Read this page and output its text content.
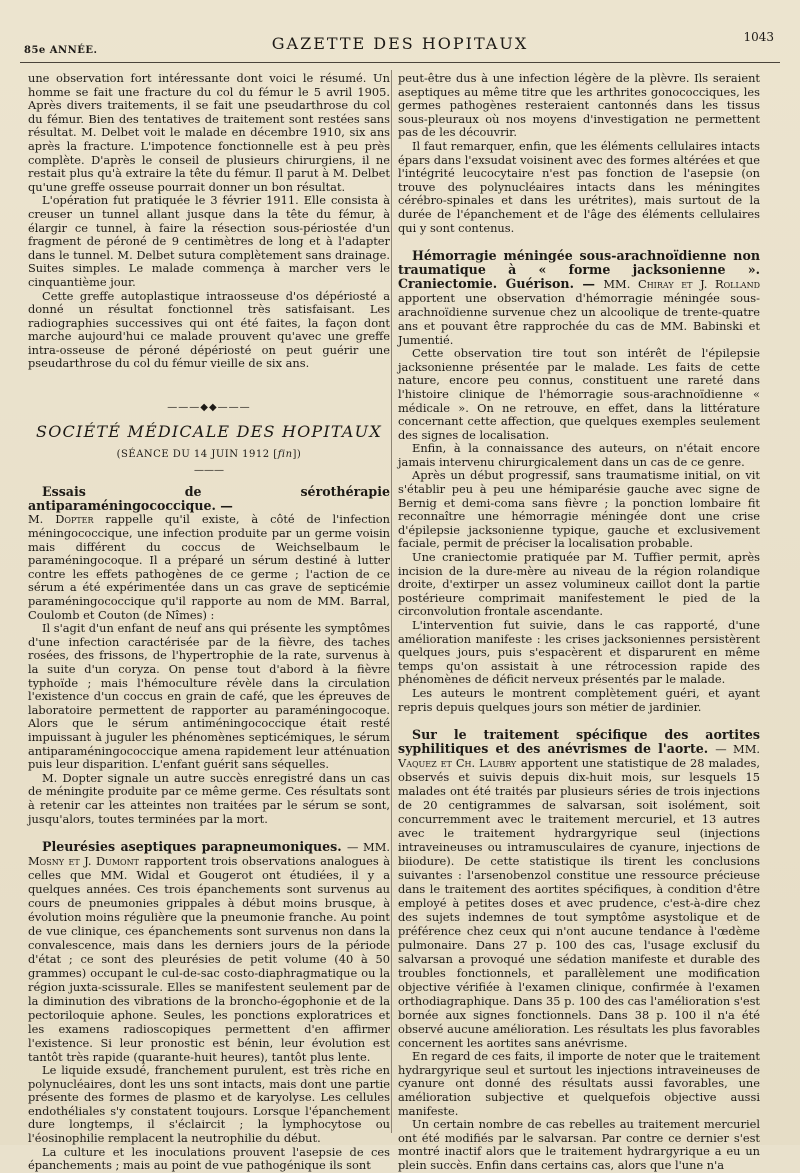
85e ANNÉE.	GAZETTE DES HOPITAUX	1043

une observation fort intéressante dont voici le résumé. Un homme se fait une fracture du col du fémur le 5 avril 1905. Après divers traitements, il se fait une pseudarthrose du col du fémur. Bien des tentatives de traitement sont restées sans résultat. M. Delbet voit le malade en décembre 1910, six ans après la fracture. L'impotence fonctionnelle est à peu près complète. D'après le conseil de plusieurs chirurgiens, il ne restait plus qu'à extraire la tête du fémur. Il parut à M. Delbet qu'une greffe osseuse pourrait donner un bon résultat.

L'opération fut pratiquée le 3 février 1911. Elle consista à creuser un tunnel allant jusque dans la tête du fémur, à élargir ce tunnel, à faire la résection sous-périostée d'un fragment de péroné de 9 centimètres de long et à l'adapter dans le tunnel. M. Delbet sutura complètement sans drainage. Suites simples. Le malade commença à marcher vers le cinquantième jour.

Cette greffe autoplastique intraosseuse d'os dépériosté a donné un résultat fonctionnel très satisfaisant. Les radiographies successives qui ont été faites, la façon dont marche aujourd'hui ce malade prouvent qu'avec une greffe intra-osseuse de péroné dépériosté on peut guérir une pseudarthrose du col du fémur vieille de six ans.

———◆◆———
SOCIÉTÉ MÉDICALE DES HOPITAUX
(SÉANCE DU 14 JUIN 1912 [fin])
———
Essais de sérothérapie antiparaméningococcique. —

M. Dopter rappelle qu'il existe, à côté de l'infection méningococcique, une infection produite par un germe voisin mais différent du coccus de Weichselbaum le paraméningocoque. Il a préparé un sérum destiné à lutter contre les effets pathogènes de ce germe ; l'action de ce sérum a été expérimentée dans un cas grave de septicémie paraméningococcique qu'il rapporte au nom de MM. Barral, Coulomb et Couton (de Nîmes) :

Il s'agit d'un enfant de neuf ans qui présente les symptômes d'une infection caractérisée par de la fièvre, des taches rosées, des frissons, de l'hypertrophie de la rate, survenus à la suite d'un coryza. On pense tout d'abord à la fièvre typhoïde ; mais l'hémoculture révèle dans la circulation l'existence d'un coccus en grain de café, que les épreuves de laboratoire permettent de rapporter au paraméningocoque. Alors que le sérum antiméningococcique était resté impuissant à juguler les phénomènes septicémiques, le sérum antiparaméningococcique amena rapidement leur atténuation puis leur disparition. L'enfant guérit sans séquelles.

M. Dopter signale un autre succès enregistré dans un cas de méningite produite par ce même germe. Ces résultats sont à retenir car les atteintes non traitées par le sérum se sont, jusqu'alors, toutes terminées par la mort.

Pleurésies aseptiques parapneumoniques. — MM. Mosny et J. Dumont rapportent trois observations analogues à celles que MM. Widal et Gougerot ont étudiées, il y a quelques années. Ces trois épanchements sont survenus au cours de pneumonies grippales à début moins brusque, à évolution moins régulière que la pneumonie franche. Au point de vue clinique, ces épanchements sont survenus non dans la convalescence, mais dans les derniers jours de la période d'état ; ce sont des pleurésies de petit volume (40 à 50 grammes) occupant le cul-de-sac costo-diaphragmatique ou la région juxta-scissurale. Elles se manifestent seulement par de la diminution des vibrations de la broncho-égophonie et de la pectoriloquie aphone. Seules, les ponctions exploratrices et les examens radioscopiques permettent d'en affirmer l'existence. Si leur pronostic est bénin, leur évolution est tantôt très rapide (quarante-huit heures), tantôt plus lente.

Le liquide exsudé, franchement purulent, est très riche en polynucléaires, dont les uns sont intacts, mais dont une partie présente des formes de plasmo et de karyolyse. Les cellules endothéliales s'y constatent toujours. Lorsque l'épanchement dure longtemps, il s'éclaircit ; la lymphocytose ou l'éosinophilie remplacent la neutrophilie du début.

La culture et les inoculations prouvent l'asepsie de ces épanchements ; mais au point de vue pathogénique ils sont

peut-être dus à une infection légère de la plèvre. Ils seraient aseptiques au même titre que les arthrites gonococciques, les germes pathogènes resteraient cantonnés dans les tissus sous-pleuraux où nos moyens d'investigation ne permettent pas de les découvrir.

Il faut remarquer, enfin, que les éléments cellulaires intacts épars dans l'exsudat voisinent avec des formes altérées et que l'intégrité leucocytaire n'est pas fonction de l'asepsie (on trouve des polynucléaires intacts dans les méningites cérébro-spinales et dans les urétrites), mais surtout de la durée de l'épanchement et de l'âge des éléments cellulaires qui y sont contenus.

Hémorragie méningée sous-arachnoïdienne non traumatique à « forme jacksonienne ». Craniectomie. Guérison. — MM. Chiray et J. Rolland apportent une observation d'hémorragie méningée sous-arachnoïdienne survenue chez un alcoolique de trente-quatre ans et pouvant être rapprochée du cas de MM. Babinski et Jumentié.

Cette observation tire tout son intérêt de l'épilepsie jacksonienne présentée par le malade. Les faits de cette nature, encore peu connus, constituent une rareté dans l'histoire clinique de l'hémorragie sous-arachnoïdienne « médicale ». On ne retrouve, en effet, dans la littérature concernant cette affection, que quelques exemples seulement des signes de localisation.

Enfin, à la connaissance des auteurs, on n'était encore jamais intervenu chirurgicalement dans un cas de ce genre.

Après un début progressif, sans traumatisme initial, on vit s'établir peu à peu une hémiparésie gauche avec signe de Bernig et demi-coma sans fièvre ; la ponction lombaire fit reconnaître une hémorragie méningée dont une crise d'épilepsie jacksonienne typique, gauche et exclusivement faciale, permit de préciser la localisation probable.

Une craniectomie pratiquée par M. Tuffier permit, après incision de la dure-mère au niveau de la région rolandique droite, d'extirper un assez volumineux caillot dont la partie postérieure comprimait manifestement le pied de la circonvolution frontale ascendante.

L'intervention fut suivie, dans le cas rapporté, d'une amélioration manifeste : les crises jacksoniennes persistèrent quelques jours, puis s'espacèrent et disparurent en même temps qu'on assistait à une rétrocession rapide des phénomènes de déficit nerveux présentés par le malade.

Les auteurs le montrent complètement guéri, et ayant repris depuis quelques jours son métier de jardinier.

Sur le traitement spécifique des aortites syphilitiques et des anévrismes de l'aorte. — MM. Vaquez et Ch. Laubry apportent une statistique de 28 malades, observés et suivis depuis dix-huit mois, sur lesquels 15 malades ont été traités par plusieurs séries de trois injections de 20 centigrammes de salvarsan, soit isolément, soit concurremment avec le traitement mercuriel, et 13 autres avec le traitement hydrargyrique seul (injections intraveineuses ou intramusculaires de cyanure, injections de biiodure). De cette statistique ils tirent les conclusions suivantes : l'arsenobenzol constitue une ressource précieuse dans le traitement des aortites spécifiques, à condition d'être employé à petites doses et avec prudence, c'est-à-dire chez des sujets indemnes de tout symptôme asystolique et de préférence chez ceux qui n'ont aucune tendance à l'œdème pulmonaire. Dans 27 p. 100 des cas, l'usage exclusif du salvarsan a provoqué une sédation manifeste et durable des troubles fonctionnels, et parallèlement une modification objective vérifiée à l'examen clinique, confirmée à l'examen orthodiagraphique. Dans 35 p. 100 des cas l'amélioration s'est bornée aux signes fonctionnels. Dans 38 p. 100 il n'a été observé aucune amélioration. Les résultats les plus favorables concernent les aortites sans anévrisme.

En regard de ces faits, il importe de noter que le traitement hydrargyrique seul et surtout les injections intraveineuses de cyanure ont donné des résultats aussi favorables, une amélioration subjective et quelquefois objective aussi manifeste.

Un certain nombre de cas rebelles au traitement mercuriel ont été modifiés par le salvarsan. Par contre ce dernier s'est montré inactif alors que le traitement hydrargyrique a eu un plein succès. Enfin dans certains cas, alors que l'une n'a
